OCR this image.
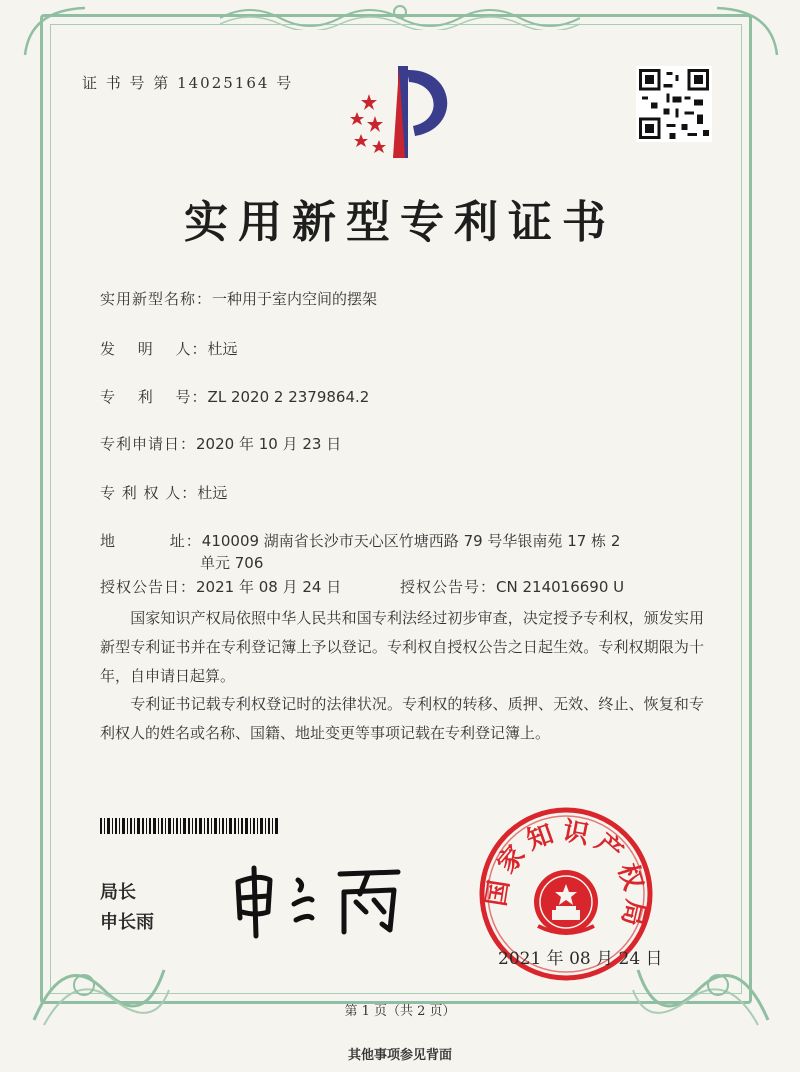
证 书 号 第 14025164 号
实用新型专利证书
实用新型名称：一种用于室内空间的摆架
发　 明　 人：杜远
专　 利　 号：ZL 2020 2 2379864.2
专利申请日：2020 年 10 月 23 日
专 利 权 人：杜远
地　　　 址：410009 湖南省长沙市天心区竹塘西路 79 号华银南苑 17 栋 2
单元 706
授权公告日：2021 年 08 月 24 日	授权公告号：CN 214016690 U
　　国家知识产权局依照中华人民共和国专利法经过初步审查，决定授予专利权，颁发实用新型专利证书并在专利登记簿上予以登记。专利权自授权公告之日起生效。专利权期限为十年，自申请日起算。
　　专利证书记载专利权登记时的法律状况。专利权的转移、质押、无效、终止、恢复和专利权人的姓名或名称、国籍、地址变更等事项记载在专利登记簿上。
局长
申长雨
国家知识产权局
2021 年 08 月 24 日
第 1 页（共 2 页）
其他事项参见背面
